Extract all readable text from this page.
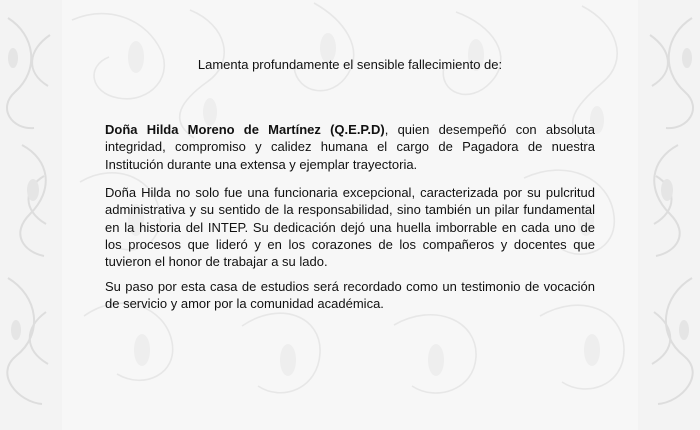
Lamenta profundamente el sensible fallecimiento de:

Doña Hilda Moreno de Martínez (Q.E.P.D), quien desempeñó con absoluta integridad, compromiso y calidez humana el cargo de Pagadora de nuestra Institución durante una extensa y ejemplar trayectoria.

Doña Hilda no solo fue una funcionaria excepcional, caracterizada por su pulcritud administrativa y su sentido de la responsabilidad, sino también un pilar fundamental en la historia del INTEP. Su dedicación dejó una huella imborrable en cada uno de los procesos que lideró y en los corazones de los compañeros y docentes que tuvieron el honor de trabajar a su lado.

Su paso por esta casa de estudios será recordado como un testimonio de vocación de servicio y amor por la comunidad académica.
